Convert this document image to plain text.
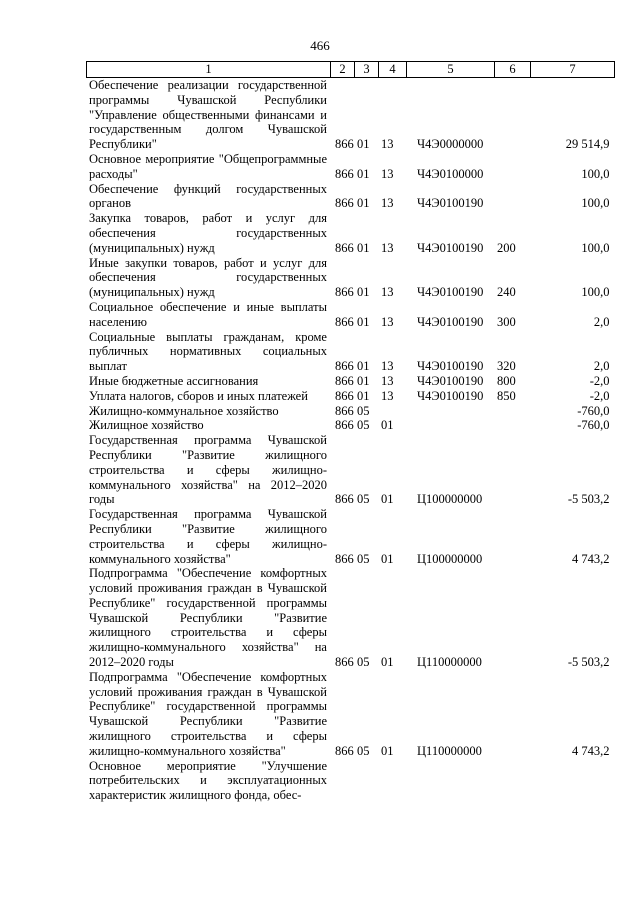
466
1	2	3	4	5	6	7
Обеспечение реализации государственной программы Чувашской Республики "Управление общественными финансами и государственным долгом Чувашской Республики"	866	01	13	Ч4Э0000000		29 514,9
Основное мероприятие "Общепрограммные расходы"	866	01	13	Ч4Э0100000		100,0
Обеспечение функций государственных органов	866	01	13	Ч4Э0100190		100,0
Закупка товаров, работ и услуг для обеспечения государственных (муниципальных) нужд	866	01	13	Ч4Э0100190	200	100,0
Иные закупки товаров, работ и услуг для обеспечения государственных (муниципальных) нужд	866	01	13	Ч4Э0100190	240	100,0
Социальное обеспечение и иные выплаты населению	866	01	13	Ч4Э0100190	300	2,0
Социальные выплаты гражданам, кроме публичных нормативных социальных выплат	866	01	13	Ч4Э0100190	320	2,0
Иные бюджетные ассигнования	866	01	13	Ч4Э0100190	800	-2,0
Уплата налогов, сборов и иных платежей	866	01	13	Ч4Э0100190	850	-2,0
Жилищно-коммунальное хозяйство	866	05				-760,0
Жилищное хозяйство	866	05	01			-760,0
Государственная программа Чувашской Республики "Развитие жилищного строительства и сферы жилищно-коммунального хозяйства" на 2012–2020 годы	866	05	01	Ц100000000		-5 503,2
Государственная программа Чувашской Республики "Развитие жилищного строительства и сферы жилищно-коммунального хозяйства"	866	05	01	Ц100000000		4 743,2
Подпрограмма "Обеспечение комфортных условий проживания граждан в Чувашской Республике" государственной программы Чувашской Республики "Развитие жилищного строительства и сферы жилищно-коммунального хозяйства" на 2012–2020 годы	866	05	01	Ц110000000		-5 503,2
Подпрограмма "Обеспечение комфортных условий проживания граждан в Чувашской Республике" государственной программы Чувашской Республики "Развитие жилищного строительства и сферы жилищно-коммунального хозяйства"	866	05	01	Ц110000000		4 743,2
Основное мероприятие "Улучшение потребительских и эксплуатационных характеристик жилищного фонда, обес-						
